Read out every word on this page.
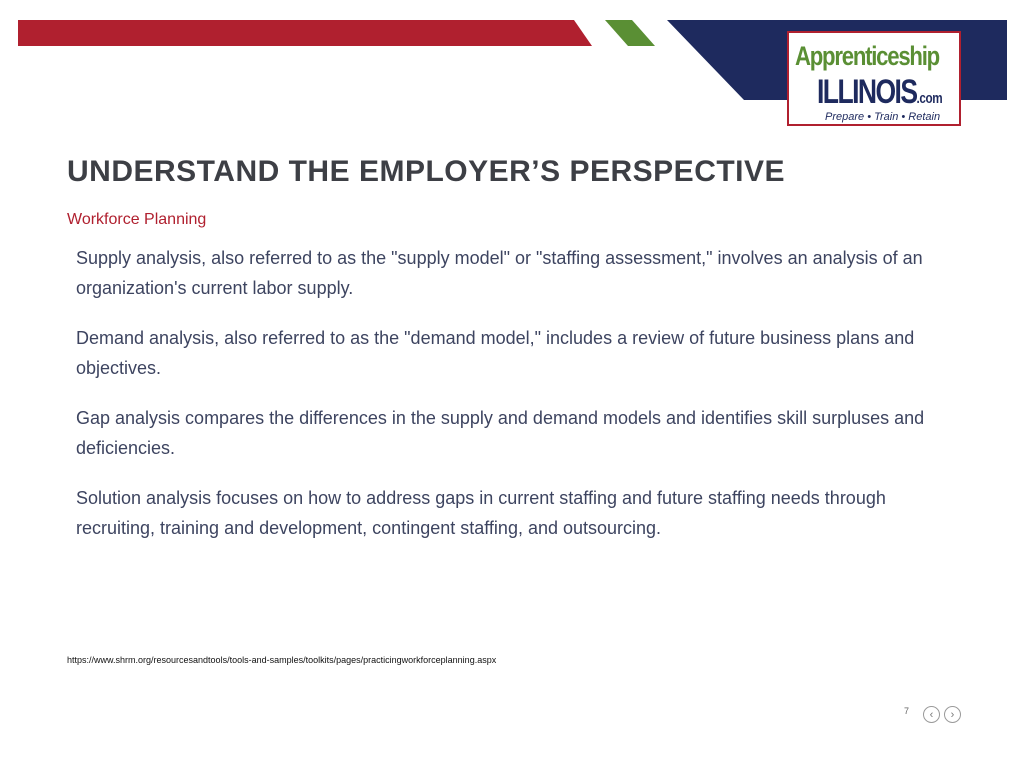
Apprenticeship
ILLINOIS.com
Prepare • Train • Retain
UNDERSTAND THE EMPLOYER’S PERSPECTIVE
Workforce Planning

Supply analysis, also referred to as the "supply model" or "staffing assessment," involves an analysis of an organization's current labor supply.

Demand analysis, also referred to as the "demand model," includes a review of future business plans and objectives.

Gap analysis compares the differences in the supply and demand models and identifies skill surpluses and deficiencies.

Solution analysis focuses on how to address gaps in current staffing and future staffing needs through recruiting, training and development, contingent staffing, and outsourcing.

https://www.shrm.org/resourcesandtools/tools-and-samples/toolkits/pages/practicingworkforceplanning.aspx
7 ‹ ›
